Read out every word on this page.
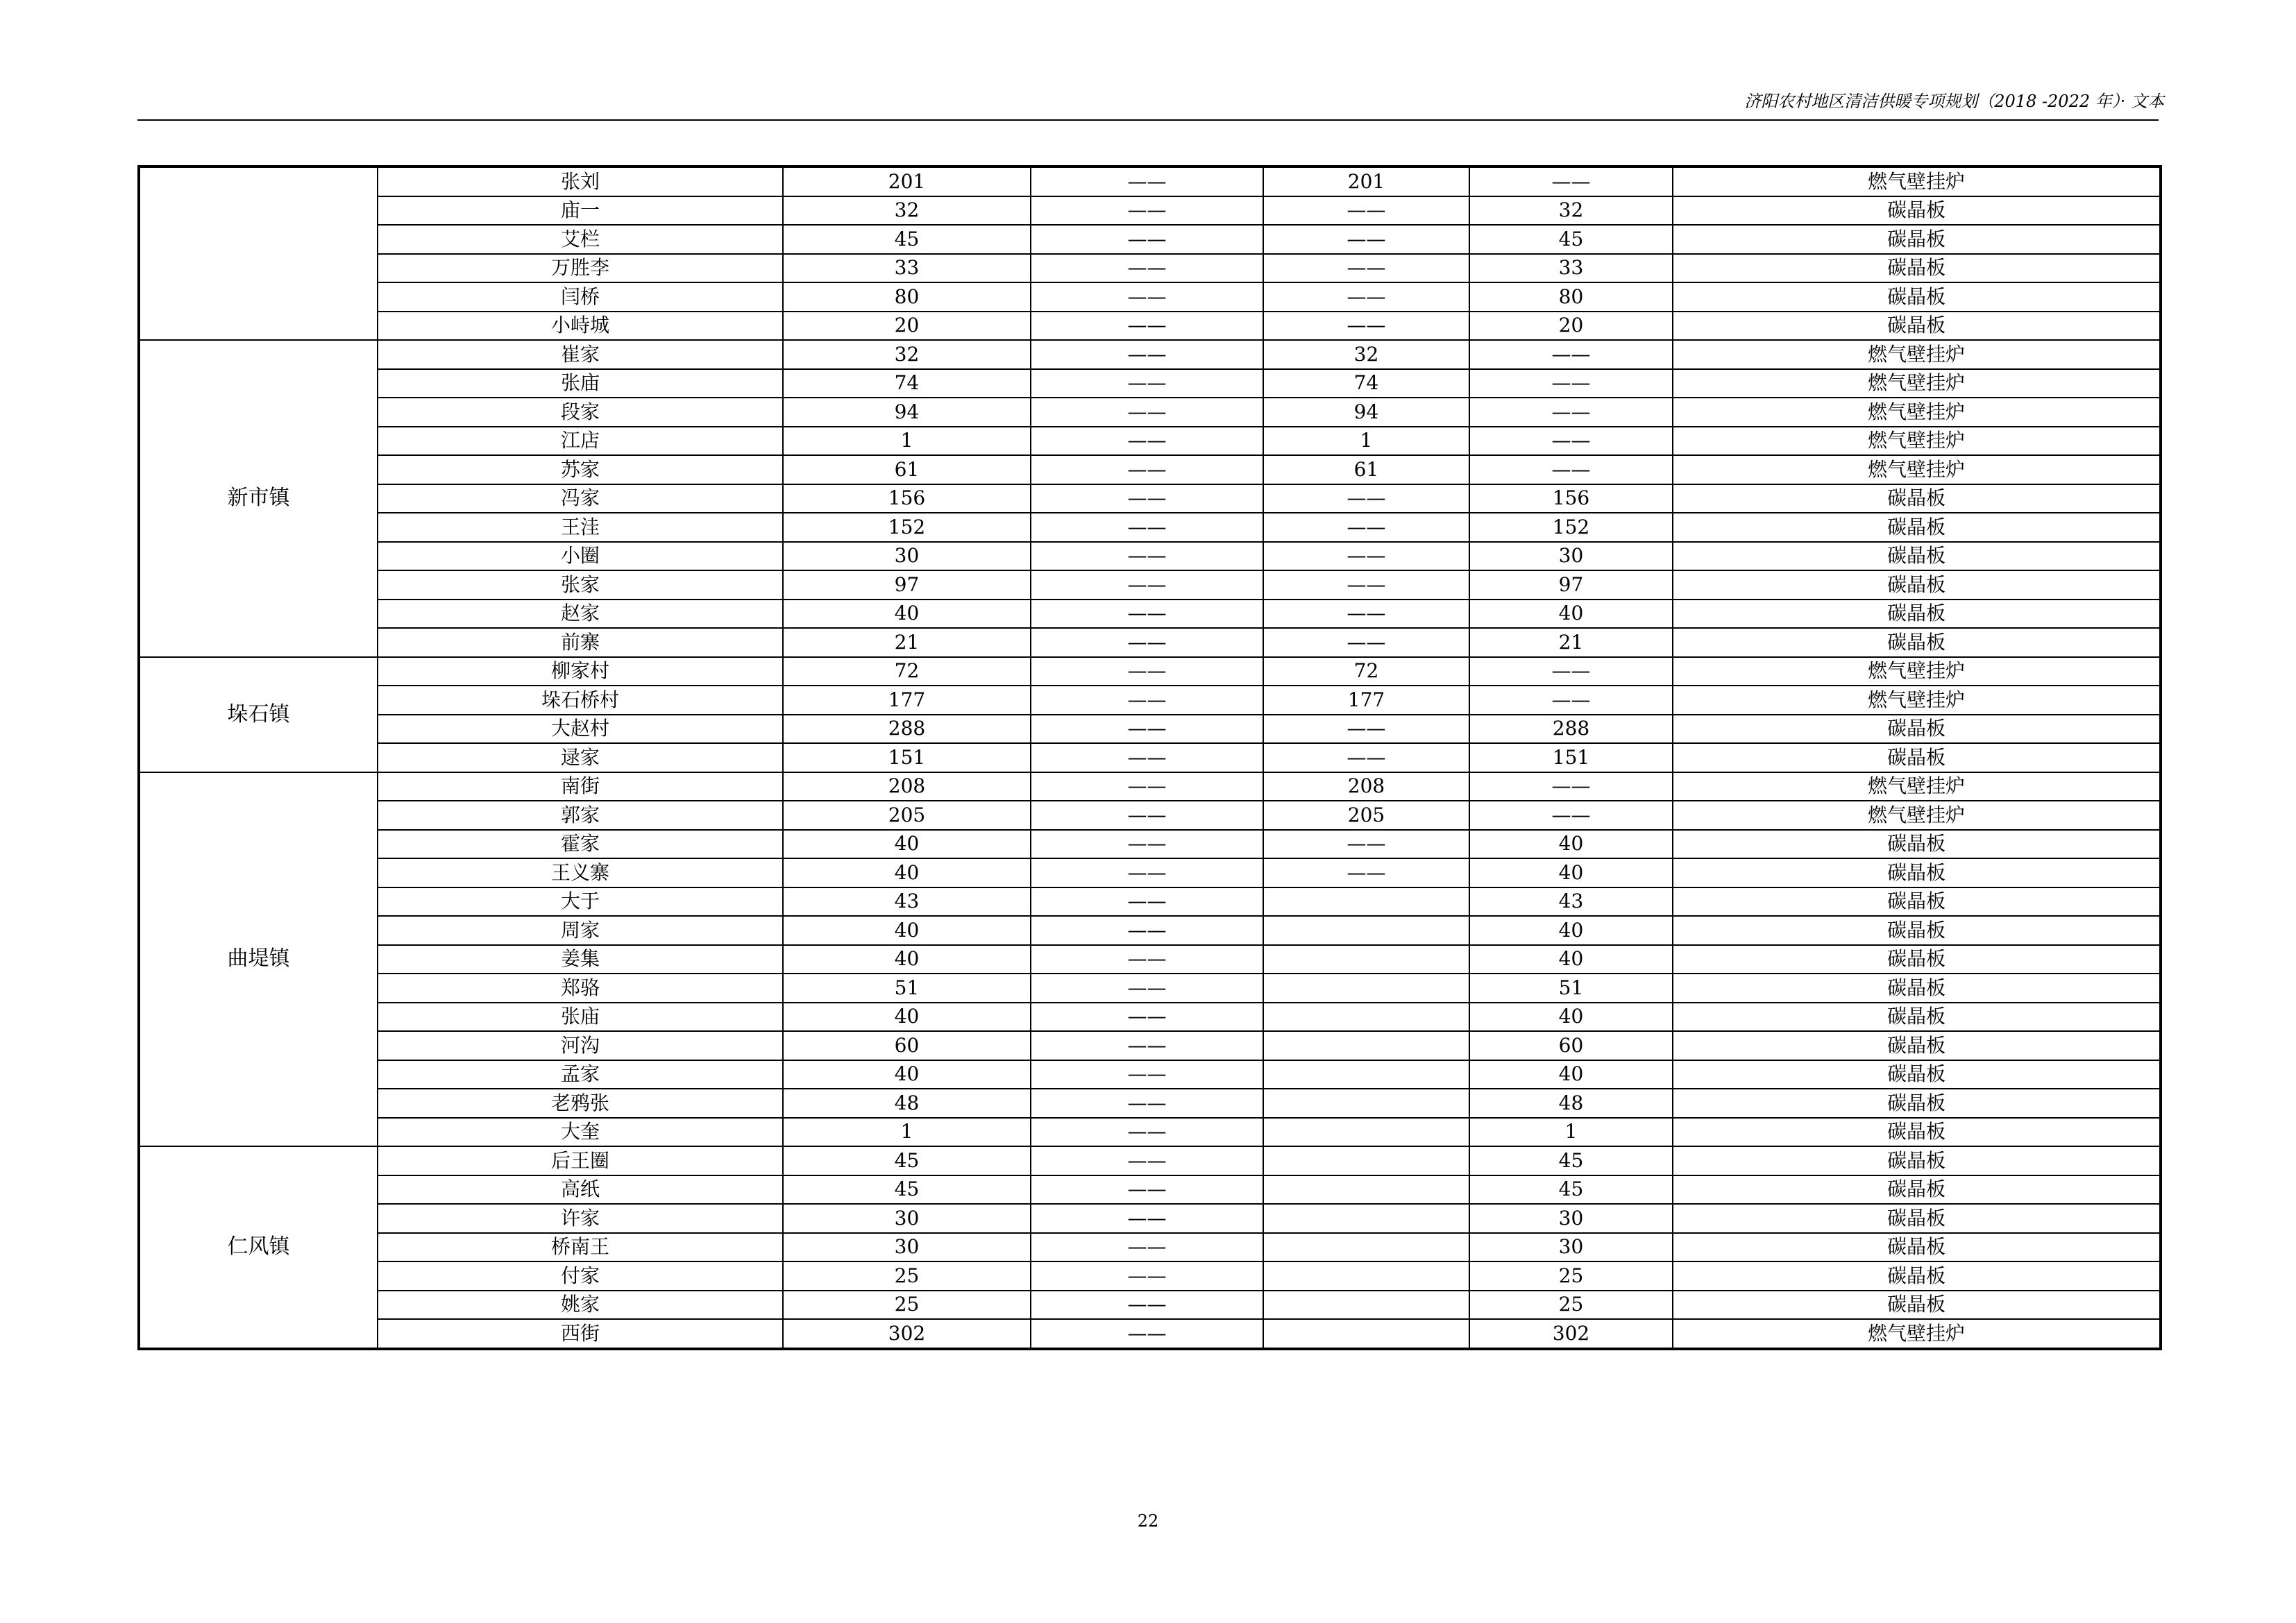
济阳农村地区清洁供暖专项规划（2018 -2022 年）· 文本
	张刘	201	——	201	——	燃气壁挂炉
	庙一	32	——	——	32	碳晶板
	艾栏	45	——	——	45	碳晶板
	万胜李	33	——	——	33	碳晶板
	闫桥	80	——	——	80	碳晶板
	小峙城	20	——	——	20	碳晶板
新市镇	崔家	32	——	32	——	燃气壁挂炉
	张庙	74	——	74	——	燃气壁挂炉
	段家	94	——	94	——	燃气壁挂炉
	江店	1	——	1	——	燃气壁挂炉
	苏家	61	——	61	——	燃气壁挂炉
	冯家	156	——	——	156	碳晶板
	王洼	152	——	——	152	碳晶板
	小圈	30	——	——	30	碳晶板
	张家	97	——	——	97	碳晶板
	赵家	40	——	——	40	碳晶板
	前寨	21	——	——	21	碳晶板
垛石镇	柳家村	72	——	72	——	燃气壁挂炉
	垛石桥村	177	——	177	——	燃气壁挂炉
	大赵村	288	——	——	288	碳晶板
	逯家	151	——	——	151	碳晶板
曲堤镇	南街	208	——	208	——	燃气壁挂炉
	郭家	205	——	205	——	燃气壁挂炉
	霍家	40	——	——	40	碳晶板
	王义寨	40	——	——	40	碳晶板
	大于	43	——		43	碳晶板
	周家	40	——		40	碳晶板
	姜集	40	——		40	碳晶板
	郑骆	51	——		51	碳晶板
	张庙	40	——		40	碳晶板
	河沟	60	——		60	碳晶板
	孟家	40	——		40	碳晶板
	老鸦张	48	——		48	碳晶板
	大奎	1	——		1	碳晶板
仁风镇	后王圈	45	——		45	碳晶板
	高纸	45	——		45	碳晶板
	许家	30	——		30	碳晶板
	桥南王	30	——		30	碳晶板
	付家	25	——		25	碳晶板
	姚家	25	——		25	碳晶板
	西街	302	——		302	燃气壁挂炉
22
